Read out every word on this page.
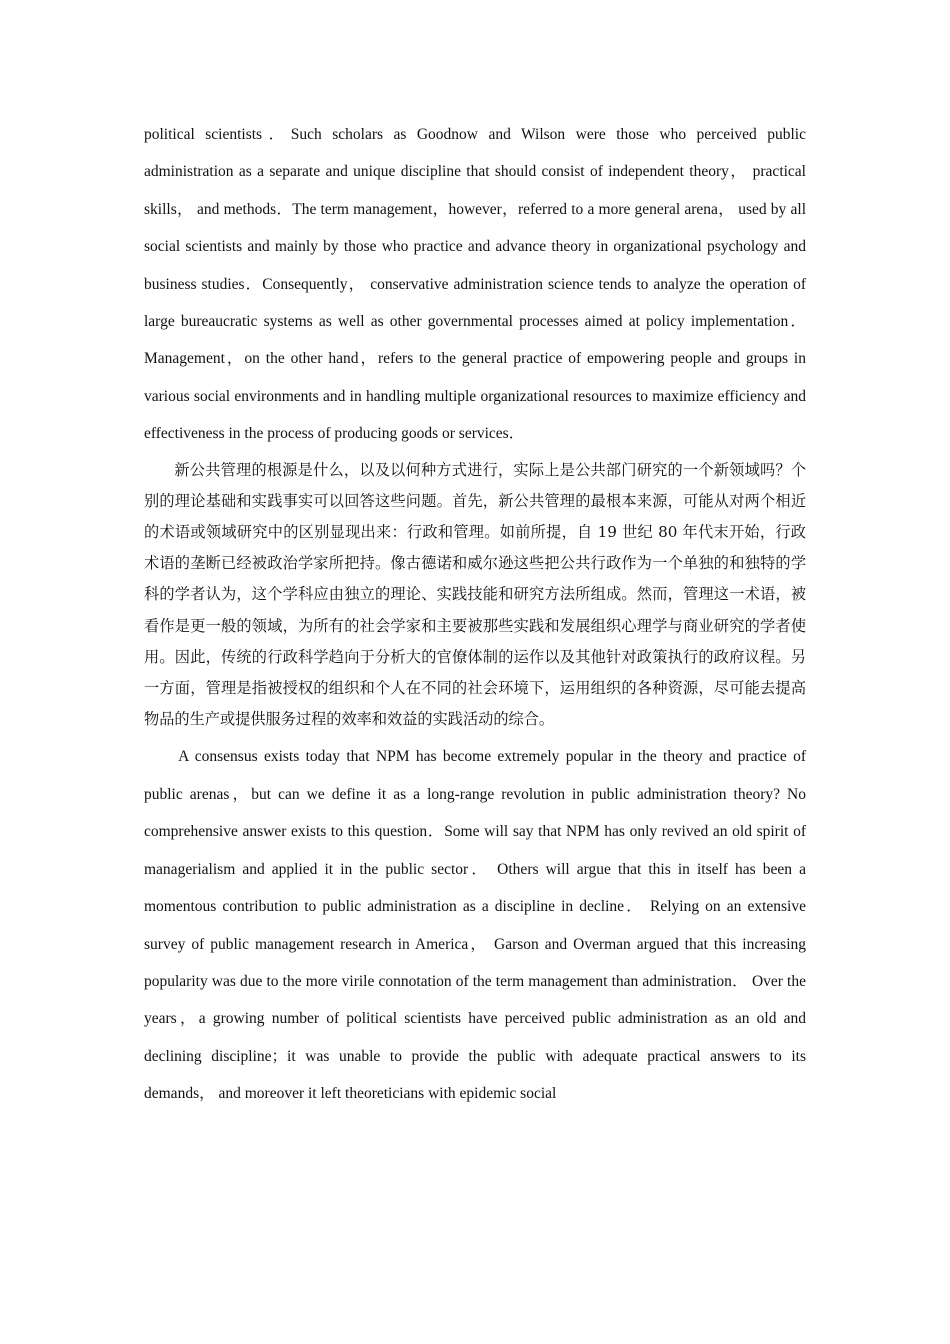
political scientists．Such scholars as Goodnow and Wilson were those who perceived public administration as a separate and unique discipline that should consist of independent theory， practical skills， and methods．The term management，however，referred to a more general arena， used by all social scientists and mainly by those who practice and advance theory in organizational psychology and business studies．Consequently， conservative administration science tends to analyze the operation of large bureaucratic systems as well as other governmental processes aimed at policy implementation．Management，on the other hand，refers to the general practice of empowering people and groups in various social environments and in handling multiple organizational resources to maximize efficiency and effectiveness in the process of producing goods or services．

新公共管理的根源是什么，以及以何种方式进行，实际上是公共部门研究的一个新领域吗？个别的理论基础和实践事实可以回答这些问题。首先，新公共管理的最根本来源，可能从对两个相近的术语或领域研究中的区别显现出来：行政和管理。如前所提，自 19 世纪 80 年代末开始，行政术语的垄断已经被政治学家所把持。像古德诺和威尔逊这些把公共行政作为一个单独的和独特的学科的学者认为，这个学科应由独立的理论、实践技能和研究方法所组成。然而，管理这一术语，被看作是更一般的领域，为所有的社会学家和主要被那些实践和发展组织心理学与商业研究的学者使用。因此，传统的行政科学趋向于分析大的官僚体制的运作以及其他针对政策执行的政府议程。另一方面，管理是指被授权的组织和个人在不同的社会环境下，运用组织的各种资源，尽可能去提高物品的生产或提供服务过程的效率和效益的实践活动的综合。

A consensus exists today that NPM has become extremely popular in the theory and practice of public arenas，but can we define it as a long-range revolution in public administration theory? No comprehensive answer exists to this question．Some will say that NPM has only revived an old spirit of managerialism and applied it in the public sector． Others will argue that this in itself has been a momentous contribution to public administration as a discipline in decline． Relying on an extensive survey of public management research in America， Garson and Overman argued that this increasing popularity was due to the more virile connotation of the term management than administration． Over the years，a growing number of political scientists have perceived public administration as an old and declining discipline；it was unable to provide the public with adequate practical answers to its demands， and moreover it left theoreticians with epidemic social
